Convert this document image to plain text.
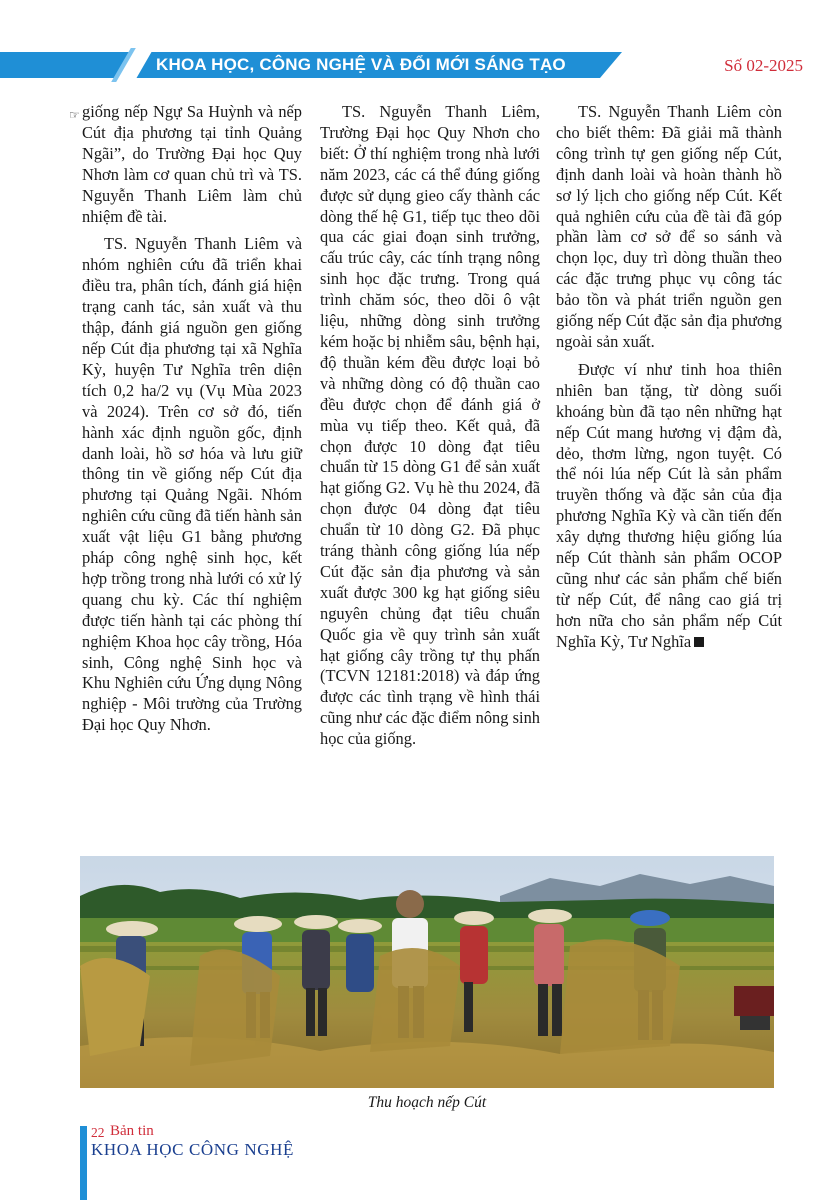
KHOA HỌC, CÔNG NGHỆ VÀ ĐỔI MỚI SÁNG TẠO	Số 02-2025
☞ giống nếp Ngự Sa Huỳnh và nếp Cút địa phương tại tỉnh Quảng Ngãi”, do Trường Đại học Quy Nhơn làm cơ quan chủ trì và TS. Nguyễn Thanh Liêm làm chủ nhiệm đề tài.

TS. Nguyễn Thanh Liêm và nhóm nghiên cứu đã triển khai điều tra, phân tích, đánh giá hiện trạng canh tác, sản xuất và thu thập, đánh giá nguồn gen giống nếp Cút địa phương tại xã Nghĩa Kỳ, huyện Tư Nghĩa trên diện tích 0,2 ha/2 vụ (Vụ Mùa 2023 và 2024). Trên cơ sở đó, tiến hành xác định nguồn gốc, định danh loài, hồ sơ hóa và lưu giữ thông tin về giống nếp Cút địa phương tại Quảng Ngãi. Nhóm nghiên cứu cũng đã tiến hành sản xuất vật liệu G1 bằng phương pháp công nghệ sinh học, kết hợp trồng trong nhà lưới có xử lý quang chu kỳ. Các thí nghiệm được tiến hành tại các phòng thí nghiệm Khoa học cây trồng, Hóa sinh, Công nghệ Sinh học và Khu Nghiên cứu Ứng dụng Nông nghiệp - Môi trường của Trường Đại học Quy Nhơn.

TS. Nguyễn Thanh Liêm, Trường Đại học Quy Nhơn cho biết: Ở thí nghiệm trong nhà lưới năm 2023, các cá thể đúng giống được sử dụng gieo cấy thành các dòng thế hệ G1, tiếp tục theo dõi qua các giai đoạn sinh trưởng, cấu trúc cây, các tính trạng nông sinh học đặc trưng. Trong quá trình chăm sóc, theo dõi ô vật liệu, những dòng sinh trưởng kém hoặc bị nhiễm sâu, bệnh hại, độ thuần kém đều được loại bỏ và những dòng có độ thuần cao đều được chọn để đánh giá ở mùa vụ tiếp theo. Kết quả, đã chọn được 10 dòng đạt tiêu chuẩn từ 15 dòng G1 để sản xuất hạt giống G2. Vụ hè thu 2024, đã chọn được 04 dòng đạt tiêu chuẩn từ 10 dòng G2. Đã phục tráng thành công giống lúa nếp Cút đặc sản địa phương và sản xuất được 300 kg hạt giống siêu nguyên chủng đạt tiêu chuẩn Quốc gia về quy trình sản xuất hạt giống cây trồng tự thụ phấn (TCVN 12181:2018) và đáp ứng được các tình trạng về hình thái cũng như các đặc điểm nông sinh học của giống.

TS. Nguyễn Thanh Liêm còn cho biết thêm: Đã giải mã thành công trình tự gen giống nếp Cút, định danh loài và hoàn thành hồ sơ lý lịch cho giống nếp Cút. Kết quả nghiên cứu của đề tài đã góp phần làm cơ sở để so sánh và chọn lọc, duy trì dòng thuần theo các đặc trưng phục vụ công tác bảo tồn và phát triển nguồn gen giống nếp Cút đặc sản địa phương ngoài sản xuất.

Được ví như tinh hoa thiên nhiên ban tặng, từ dòng suối khoáng bùn đã tạo nên những hạt nếp Cút mang hương vị đậm đà, dẻo, thơm lừng, ngon tuyệt. Có thể nói lúa nếp Cút là sản phẩm truyền thống và đặc sản của địa phương Nghĩa Kỳ và cần tiến đến xây dựng thương hiệu giống lúa nếp Cút thành sản phẩm OCOP cũng như các sản phẩm chế biến từ nếp Cút, để nâng cao giá trị hơn nữa cho sản phẩm nếp Cút Nghĩa Kỳ, Tư Nghĩa

Thu hoạch nếp Cút
22 Bản tin
KHOA HỌC CÔNG NGHỆ
